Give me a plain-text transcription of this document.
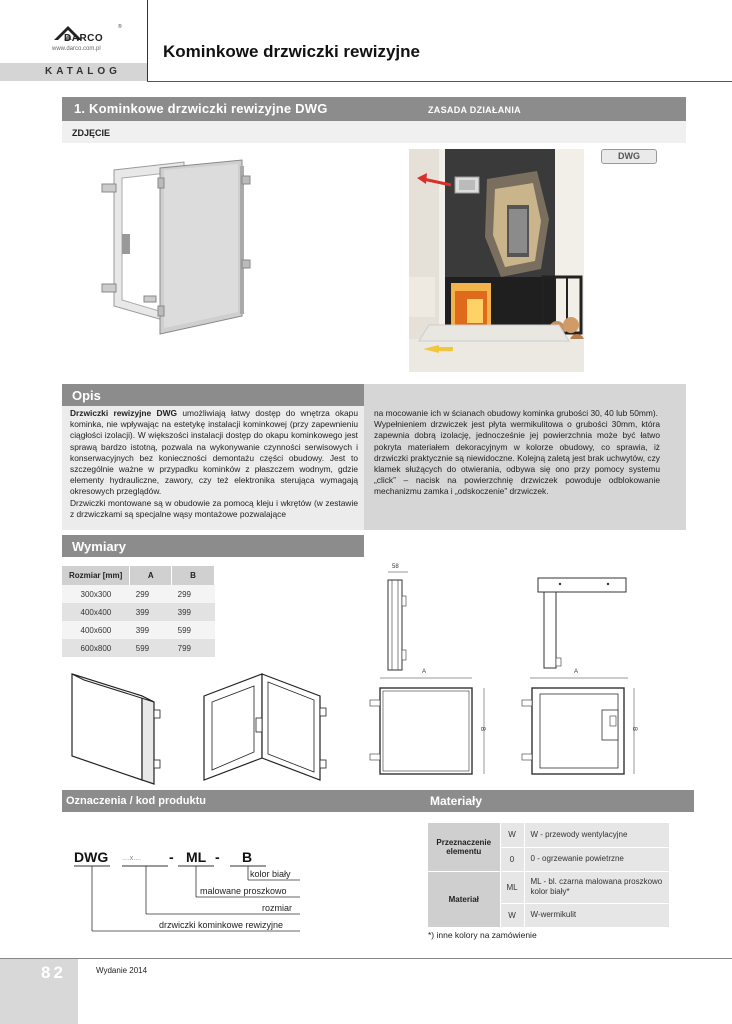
DARCO
®
www.darco.com.pl	Kominkowe drzwiczki rewizyjne
KATALOG
1. Kominkowe drzwiczki rewizyjne DWG	ZASADA DZIAŁANIA
ZDJĘCIE
DWG
Opis
Drzwiczki rewizyjne DWG umożliwiają łatwy dostęp do wnętrza okapu kominka, nie wpływając na estetykę instalacji kominkowej (przy zapewnieniu ciągłości izolacji). W większości instalacji dostęp do okapu kominkowego jest sprawą bardzo istotną, pozwala na wykonywanie czynności serwisowych i konserwacyjnych bez konieczności demontażu części obudowy. Jest to szczególnie ważne w przypadku kominków z płaszczem wodnym, gdzie elementy hydrauliczne, zawory, czy też elektronika sterująca wymagają okresowych przeglądów.
Drzwiczki montowane są w obudowie za pomocą kleju i wkrętów (w zestawie z drzwiczkami są specjalne wąsy montażowe pozwalające
na mocowanie ich w ścianach obudowy kominka grubości 30, 40 lub 50mm).
Wypełnieniem drzwiczek jest płyta wermikulitowa o grubości 30mm, która zapewnia dobrą izolację, jednocześnie jej powierzchnia może być łatwo pokryta materiałem dekoracyjnym w kolorze obudowy, co sprawia, iż drzwiczki praktycznie są niewidoczne. Kolejną zaletą jest brak uchwytów, czy klamek służących do otwierania, odbywa się ono przy pomocy systemu „click” – nacisk na powierzchnię drzwiczek powoduje odblokowanie mechanizmu zamka i „odskoczenie” drzwiczek.
Wymiary
Rozmiar [mm]	A	B
300x300	299	299
400x400	399	399
400x600	399	599
600x800	599	799
58
A
B
A
B
Oznaczenia / kod produktu	Materiały
DWG ....x.... - ML - B
kolor biały
malowane proszkowo
rozmiar
drzwiczki kominkowe rewizyjne
Przeznaczenie elementu	W	W - przewody wentylacyjne
	0	0 - ogrzewanie powietrzne
Materiał	ML	ML - bl. czarna malowana proszkowo kolor biały*
	W	W-wermikulit
*) inne kolory na zamówienie
82	Wydanie 2014
